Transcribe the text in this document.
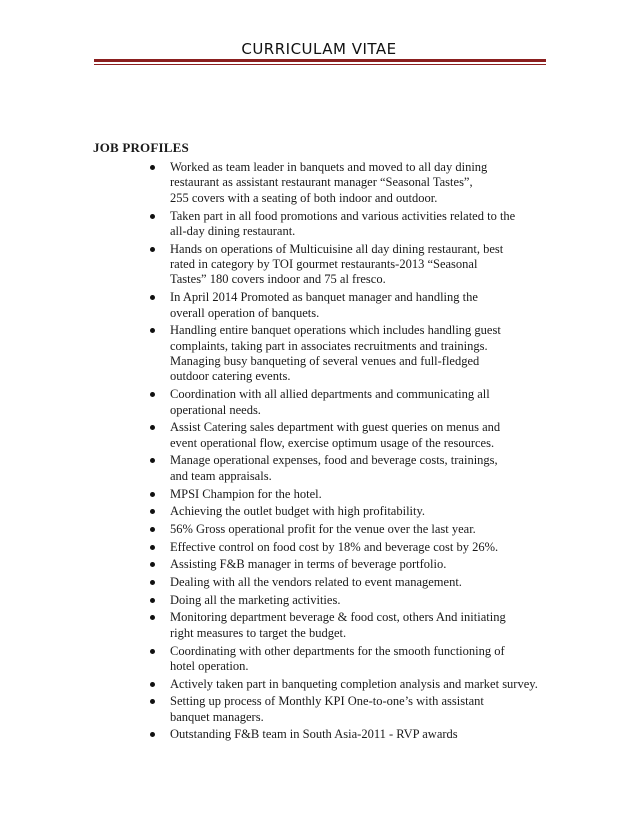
CURRICULAM VITAE
JOB PROFILES
Worked as team leader in banquets and moved to all day dining
restaurant as assistant restaurant manager “Seasonal Tastes”,
255 covers with a seating of both indoor and outdoor.
Taken part in all food promotions and various activities related to the
all-day dining restaurant.
Hands on operations of Multicuisine all day dining restaurant, best
rated in category by TOI gourmet restaurants-2013 “Seasonal
Tastes” 180 covers indoor and 75 al fresco.
In April 2014 Promoted as banquet manager and handling the
overall operation of banquets.
Handling entire banquet operations which includes handling guest
complaints, taking part in associates recruitments and trainings.
Managing busy banqueting of several venues and full-fledged
outdoor catering events.
Coordination with all allied departments and communicating all
operational needs.
Assist Catering sales department with guest queries on menus and
event operational flow, exercise optimum usage of the resources.
Manage operational expenses, food and beverage costs, trainings,
and team appraisals.
MPSI Champion for the hotel.
Achieving the outlet budget with high profitability.
56% Gross operational profit for the venue over the last year.
Effective control on food cost by 18% and beverage cost by 26%.
Assisting F&B manager in terms of beverage portfolio.
Dealing with all the vendors related to event management.
Doing all the marketing activities.
Monitoring department beverage & food cost, others And initiating
right measures to target the budget.
Coordinating with other departments for the smooth functioning of
hotel operation.
Actively taken part in banqueting completion analysis and market survey.
Setting up process of Monthly KPI One-to-one’s with assistant
banquet managers.
Outstanding F&B team in South Asia-2011 - RVP awards
